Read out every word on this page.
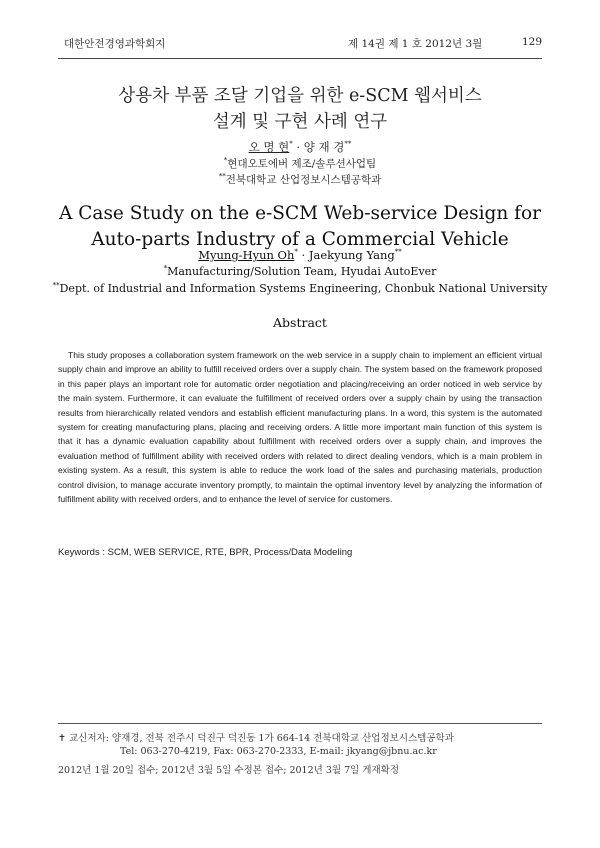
대한안전경영과학회지	제 14권 제 1 호 2012년 3월	129
상용차 부품 조달 기업을 위한 e-SCM 웹서비스
설계 및 구현 사례 연구
오 명 현* · 양 재 경**
*현대오토에버 제조/솔루션사업팀
**전북대학교 산업정보시스템공학과
A Case Study on the e-SCM Web-service Design for
Auto-parts Industry of a Commercial Vehicle
Myung-Hyun Oh* · Jaekyung Yang**
*Manufacturing/Solution Team, Hyudai AutoEver
**Dept. of Industrial and Information Systems Engineering, Chonbuk National University
Abstract

This study proposes a collaboration system framework on the web service in a supply chain to implement an efficient virtual supply chain and improve an ability to fulfill received orders over a supply chain. The system based on the framework proposed in this paper plays an important role for automatic order negotiation and placing/receiving an order noticed in web service by the main system. Furthermore, it can evaluate the fulfillment of received orders over a supply chain by using the transaction results from hierarchically related vendors and establish efficient manufacturing plans. In a word, this system is the automated system for creating manufacturing plans, placing and receiving orders. A little more important main function of this system is that it has a dynamic evaluation capability about fulfillment with received orders over a supply chain, and improves the evaluation method of fulfillment ability with received orders with related to direct dealing vendors, which is a main problem in existing system. As a result, this system is able to reduce the work load of the sales and purchasing materials, production control division, to manage accurate inventory promptly, to maintain the optimal inventory level by analyzing the information of fulfillment ability with received orders, and to enhance the level of service for customers.

Keywords : SCM, WEB SERVICE, RTE, BPR, Process/Data Modeling
✝ 교신저자: 양재경, 전북 전주시 덕진구 덕진동 1가 664-14 전북대학교 산업정보시스템공학과
Tel: 063-270-4219, Fax: 063-270-2333, E-mail: jkyang@jbnu.ac.kr
2012년 1월 20일 접수; 2012년 3월 5일 수정본 접수; 2012년 3월 7일 게재확정
